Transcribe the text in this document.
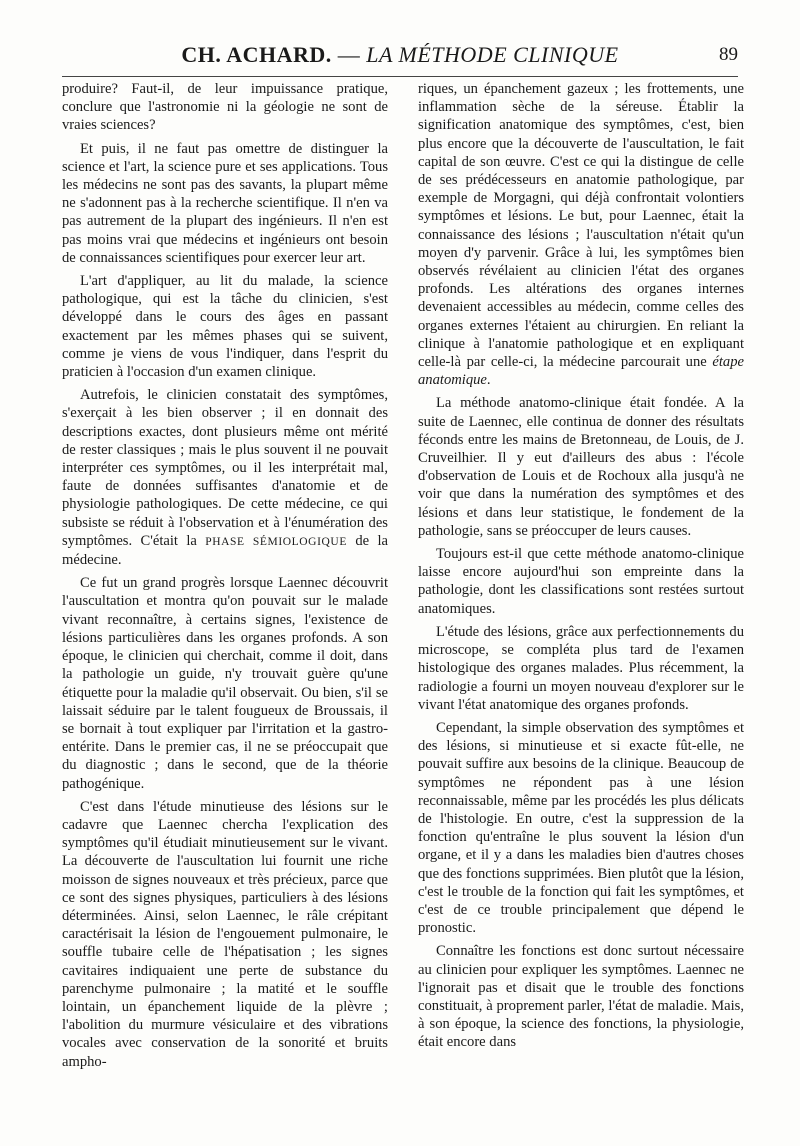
CH. ACHARD. — LA MÉTHODE CLINIQUE	89

produire? Faut-il, de leur impuissance pratique, conclure que l'astronomie ni la géologie ne sont de vraies sciences?

Et puis, il ne faut pas omettre de distinguer la science et l'art, la science pure et ses applications. Tous les médecins ne sont pas des savants, la plupart même ne s'adonnent pas à la recherche scientifique. Il n'en va pas autrement de la plupart des ingénieurs. Il n'en est pas moins vrai que médecins et ingénieurs ont besoin de connaissances scientifiques pour exercer leur art.

L'art d'appliquer, au lit du malade, la science pathologique, qui est la tâche du clinicien, s'est développé dans le cours des âges en passant exactement par les mêmes phases qui se suivent, comme je viens de vous l'indiquer, dans l'esprit du praticien à l'occasion d'un examen clinique.

Autrefois, le clinicien constatait des symptômes, s'exerçait à les bien observer ; il en donnait des descriptions exactes, dont plusieurs même ont mérité de rester classiques ; mais le plus souvent il ne pouvait interpréter ces symptômes, ou il les interprétait mal, faute de données suffisantes d'anatomie et de physiologie pathologiques. De cette médecine, ce qui subsiste se réduit à l'observation et à l'énumération des symptômes. C'était la PHASE SÉMIOLOGIQUE de la médecine.

Ce fut un grand progrès lorsque Laennec découvrit l'auscultation et montra qu'on pouvait sur le malade vivant reconnaître, à certains signes, l'existence de lésions particulières dans les organes profonds. A son époque, le clinicien qui cherchait, comme il doit, dans la pathologie un guide, n'y trouvait guère qu'une étiquette pour la maladie qu'il observait. Ou bien, s'il se laissait séduire par le talent fougueux de Broussais, il se bornait à tout expliquer par l'irritation et la gastro-entérite. Dans le premier cas, il ne se préoccupait que du diagnostic ; dans le second, que de la théorie pathogénique.

C'est dans l'étude minutieuse des lésions sur le cadavre que Laennec chercha l'explication des symptômes qu'il étudiait minutieusement sur le vivant. La découverte de l'auscultation lui fournit une riche moisson de signes nouveaux et très précieux, parce que ce sont des signes physiques, particuliers à des lésions déterminées. Ainsi, selon Laennec, le râle crépitant caractérisait la lésion de l'engouement pulmonaire, le souffle tubaire celle de l'hépatisation ; les signes cavitaires indiquaient une perte de substance du parenchyme pulmonaire ; la matité et le souffle lointain, un épanchement liquide de la plèvre ; l'abolition du murmure vésiculaire et des vibrations vocales avec conservation de la sonorité et bruits ampho-

riques, un épanchement gazeux ; les frottements, une inflammation sèche de la séreuse. Établir la signification anatomique des symptômes, c'est, bien plus encore que la découverte de l'auscultation, le fait capital de son œuvre. C'est ce qui la distingue de celle de ses prédécesseurs en anatomie pathologique, par exemple de Morgagni, qui déjà confrontait volontiers symptômes et lésions. Le but, pour Laennec, était la connaissance des lésions ; l'auscultation n'était qu'un moyen d'y parvenir. Grâce à lui, les symptômes bien observés révélaient au clinicien l'état des organes profonds. Les altérations des organes internes devenaient accessibles au médecin, comme celles des organes externes l'étaient au chirurgien. En reliant la clinique à l'anatomie pathologique et en expliquant celle-là par celle-ci, la médecine parcourait une étape anatomique.

La méthode anatomo-clinique était fondée. A la suite de Laennec, elle continua de donner des résultats féconds entre les mains de Bretonneau, de Louis, de J. Cruveilhier. Il y eut d'ailleurs des abus : l'école d'observation de Louis et de Rochoux alla jusqu'à ne voir que dans la numération des symptômes et des lésions et dans leur statistique, le fondement de la pathologie, sans se préoccuper de leurs causes.

Toujours est-il que cette méthode anatomo-clinique laisse encore aujourd'hui son empreinte dans la pathologie, dont les classifications sont restées surtout anatomiques.

L'étude des lésions, grâce aux perfectionnements du microscope, se compléta plus tard de l'examen histologique des organes malades. Plus récemment, la radiologie a fourni un moyen nouveau d'explorer sur le vivant l'état anatomique des organes profonds.

Cependant, la simple observation des symptômes et des lésions, si minutieuse et si exacte fût-elle, ne pouvait suffire aux besoins de la clinique. Beaucoup de symptômes ne répondent pas à une lésion reconnaissable, même par les procédés les plus délicats de l'histologie. En outre, c'est la suppression de la fonction qu'entraîne le plus souvent la lésion d'un organe, et il y a dans les maladies bien d'autres choses que des fonctions supprimées. Bien plutôt que la lésion, c'est le trouble de la fonction qui fait les symptômes, et c'est de ce trouble principalement que dépend le pronostic.

Connaître les fonctions est donc surtout nécessaire au clinicien pour expliquer les symptômes. Laennec ne l'ignorait pas et disait que le trouble des fonctions constituait, à proprement parler, l'état de maladie. Mais, à son époque, la science des fonctions, la physiologie, était encore dans
